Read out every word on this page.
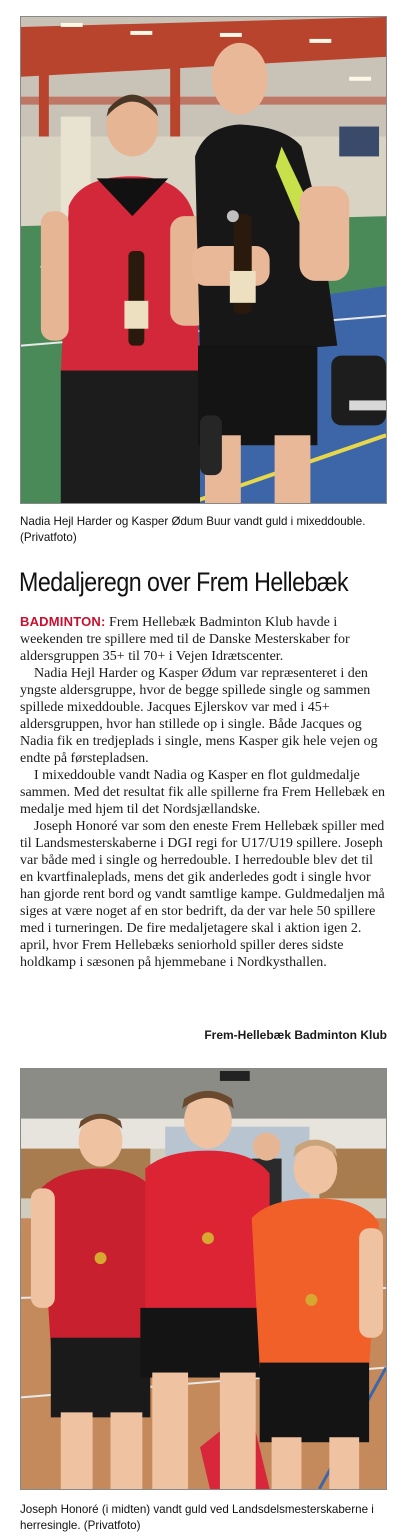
Nadia Hejl Harder og Kasper Ødum Buur vandt guld i mixeddouble. (Privatfoto)
Medaljeregn over Frem Hellebæk

BADMINTON: Frem Hellebæk Badminton Klub havde i weekenden tre spillere med til de Danske Mesterskaber for aldersgruppen 35+ til 70+ i Vejen Idrætscenter.

Nadia Hejl Harder og Kasper Ødum var repræsenteret i den yngste aldersgruppe, hvor de begge spillede single og sammen spillede mixeddouble. Jacques Ejlerskov var med i 45+ aldersgruppen, hvor han stillede op i single. Både Jacques og Nadia fik en tredjeplads i single, mens Kasper gik hele vejen og endte på førstepladsen.

I mixeddouble vandt Nadia og Kasper en flot guldmedalje sammen. Med det resultat fik alle spillerne fra Frem Hellebæk en medalje med hjem til det Nordsjællandske.

Joseph Honoré var som den eneste Frem Hellebæk spiller med til Landsmesterskaberne i DGI regi for U17/U19 spillere. Joseph var både med i single og herredouble. I herredouble blev det til en kvartfinaleplads, mens det gik anderledes godt i single hvor han gjorde rent bord og vandt samtlige kampe. Guldmedaljen må siges at være noget af en stor bedrift, da der var hele 50 spillere med i turneringen. De fire medaljetagere skal i aktion igen 2. april, hvor Frem Hellebæks seniorhold spiller deres sidste holdkamp i sæsonen på hjemmebane i Nordkysthallen.

Frem-Hellebæk Badminton Klub
Joseph Honoré (i midten) vandt guld ved Landsdelsmesterskaberne i herresingle. (Privatfoto)
